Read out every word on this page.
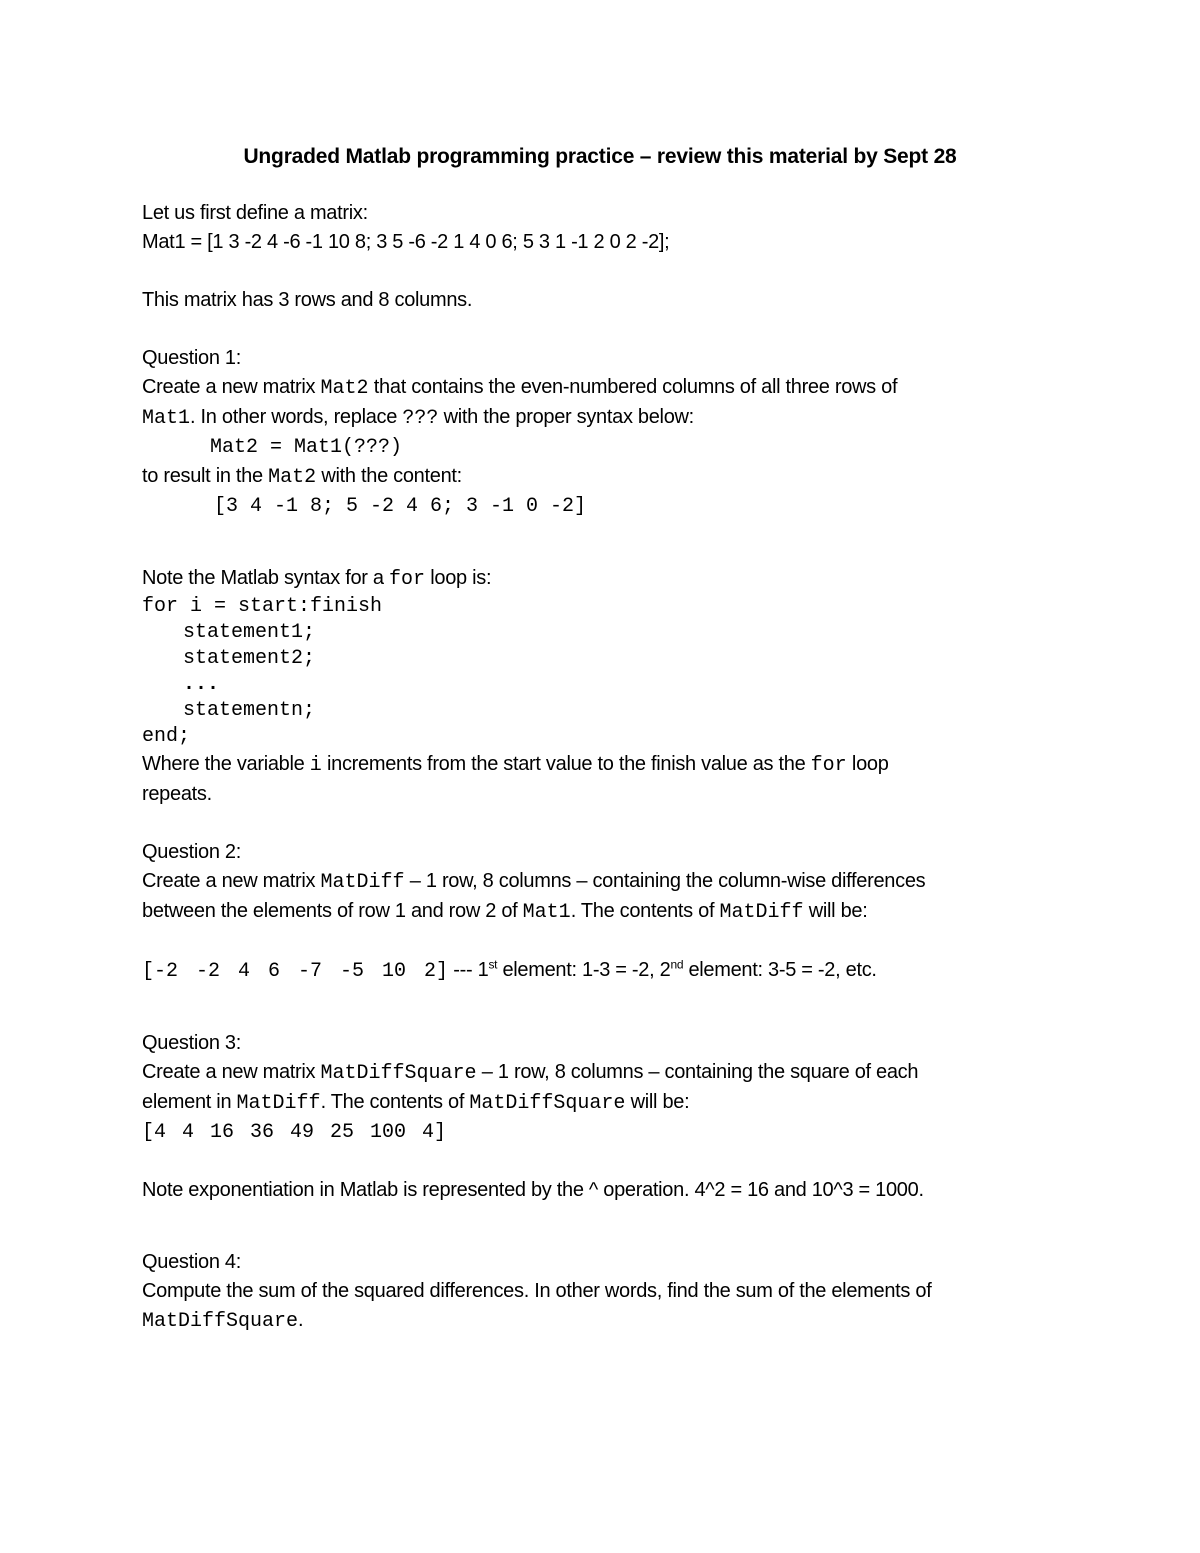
Ungraded Matlab programming practice – review this material by Sept 28
Let us first define a matrix:
Mat1 = [1 3 -2 4 -6 -1 10 8; 3 5 -6 -2 1 4 0 6; 5 3 1 -1 2 0 2 -2];
This matrix has 3 rows and 8 columns.
Question 1:
Create a new matrix Mat2 that contains the even-numbered columns of all three rows of
Mat1. In other words, replace ??? with the proper syntax below:
Mat2 = Mat1(???)
to result in the Mat2 with the content:
[3 4 -1 8; 5 -2 4 6; 3 -1 0 -2]
Note the Matlab syntax for a for loop is:
for i = start:finish
statement1;
statement2;
...
statementn;
end;
Where the variable i increments from the start value to the finish value as the for loop
repeats.
Question 2:
Create a new matrix MatDiff – 1 row, 8 columns – containing the column-wise differences
between the elements of row 1 and row 2 of Mat1. The contents of MatDiff will be:
[-2 -2 4 6 -7 -5 10 2] --- 1st element: 1-3 = -2, 2nd element: 3-5 = -2, etc.
Question 3:
Create a new matrix MatDiffSquare – 1 row, 8 columns – containing the square of each
element in MatDiff. The contents of MatDiffSquare will be:
[4 4 16 36 49 25 100 4]
Note exponentiation in Matlab is represented by the ^ operation. 4^2 = 16 and 10^3 = 1000.
Question 4:
Compute the sum of the squared differences. In other words, find the sum of the elements of
MatDiffSquare.
